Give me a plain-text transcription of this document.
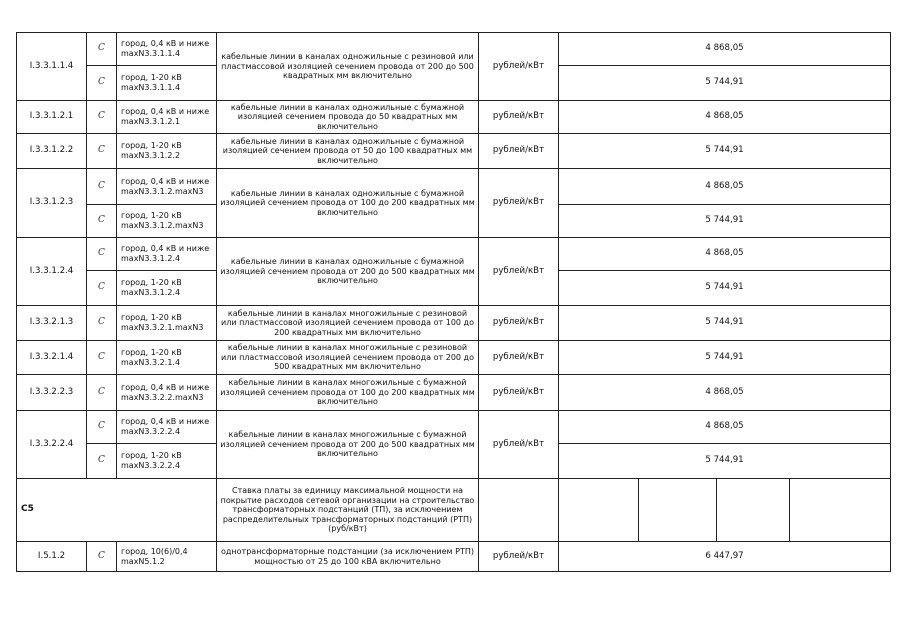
I.3.3.1.1.4	C	город, 0,4 кВ и ниже maxN3.3.1.1.4	кабельные линии в каналах одножильные с резиновой или пластмассовой изоляцией сечением провода от 200 до 500 квадратных мм включительно	рублей/кВт	4 868,05			
	C	город, 1-20 кВ maxN3.3.1.1.4			5 744,91			
I.3.3.1.2.1	C	город, 0,4 кВ и ниже maxN3.3.1.2.1	кабельные линии в каналах одножильные с бумажной изоляцией сечением провода до 50 квадратных мм включительно	рублей/кВт	4 868,05			
I.3.3.1.2.2	C	город, 1-20 кВ maxN3.3.1.2.2	кабельные линии в каналах одножильные с бумажной изоляцией сечением провода от 50 до 100 квадратных мм включительно	рублей/кВт	5 744,91			
I.3.3.1.2.3	C	город, 0,4 кВ и ниже maxN3.3.1.2.maxN3	кабельные линии в каналах одножильные с бумажной изоляцией сечением провода от 100 до 200 квадратных мм включительно	рублей/кВт	4 868,05			
	C	город, 1-20 кВ maxN3.3.1.2.maxN3			5 744,91			
I.3.3.1.2.4	C	город, 0,4 кВ и ниже maxN3.3.1.2.4	кабельные линии в каналах одножильные с бумажной изоляцией сечением провода от 200 до 500 квадратных мм включительно	рублей/кВт	4 868,05			
	C	город, 1-20 кВ maxN3.3.1.2.4			5 744,91			
I.3.3.2.1.3	C	город, 1-20 кВ maxN3.3.2.1.maxN3	кабельные линии в каналах многожильные с резиновой или пластмассовой изоляцией сечением провода от 100 до 200 квадратных мм включительно	рублей/кВт	5 744,91			
I.3.3.2.1.4	C	город, 1-20 кВ maxN3.3.2.1.4	кабельные линии в каналах многожильные с резиновой или пластмассовой изоляцией сечением провода от 200 до 500 квадратных мм включительно	рублей/кВт	5 744,91			
I.3.3.2.2.3	C	город, 0,4 кВ и ниже maxN3.3.2.2.maxN3	кабельные линии в каналах многожильные с бумажной изоляцией сечением провода от 100 до 200 квадратных мм включительно	рублей/кВт	4 868,05			
I.3.3.2.2.4	C	город, 0,4 кВ и ниже maxN3.3.2.2.4	кабельные линии в каналах многожильные с бумажной изоляцией сечением провода от 200 до 500 квадратных мм включительно	рублей/кВт	4 868,05			
	C	город, 1-20 кВ maxN3.3.2.2.4			5 744,91			
C5			Ставка платы за единицу максимальной мощности на покрытие расходов сетевой организации на строительство трансформаторных подстанций (ТП), за исключением распределительных трансформаторных подстанций (РТП) (руб/кВт)					
I.5.1.2	C	город, 10(6)/0,4 maxN5.1.2	однотрансформаторные подстанции (за исключением РТП) мощностью от 25 до 100 кВА включительно	рублей/кВт	6 447,97			
